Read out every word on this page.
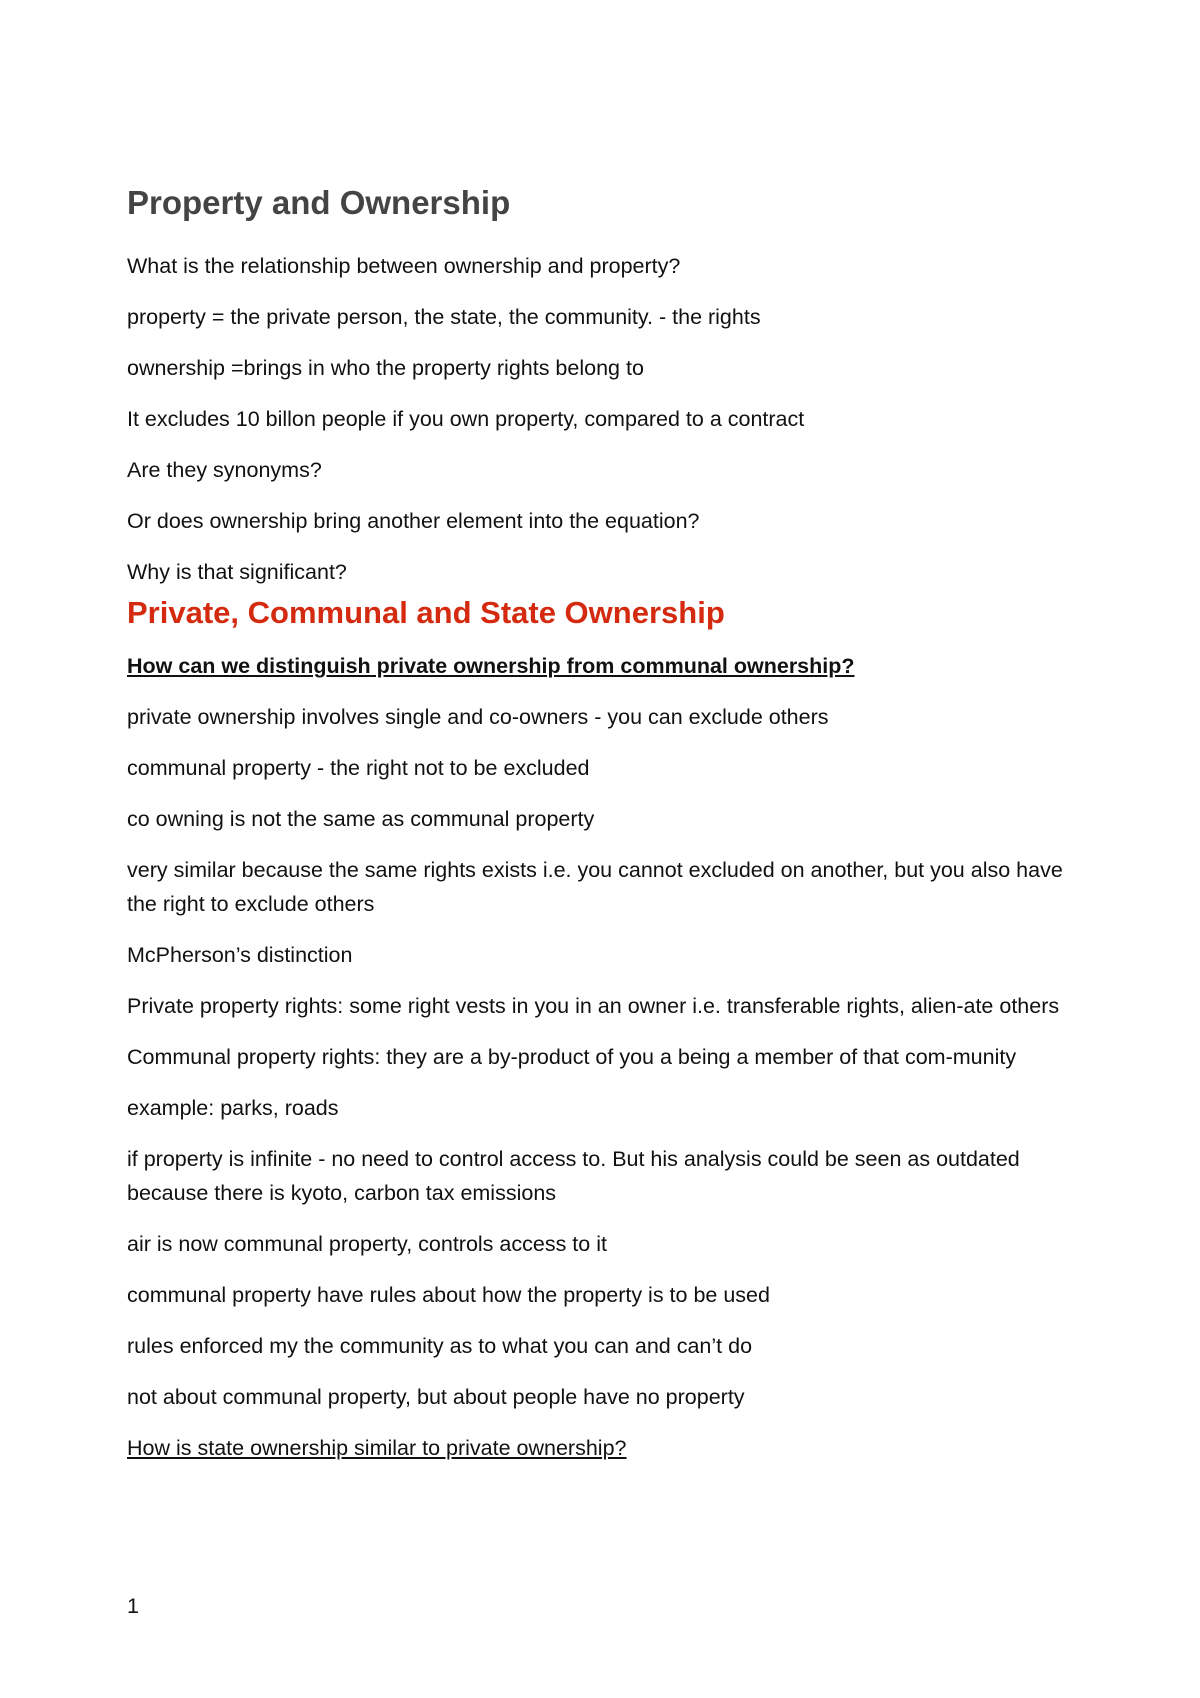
Property and Ownership
What is the relationship between ownership and property?
property = the private person, the state, the community. - the rights
ownership =brings in who the property rights belong to
It excludes 10 billon people if you own property, compared to a contract
Are they synonyms?
Or does ownership bring another element into the equation?
Why is that significant?
Private, Communal and State Ownership
How can we distinguish private ownership from communal ownership?
private ownership involves single and co-owners - you can exclude others
communal property - the right not to be excluded
co owning is not the same as communal property
very similar because the same rights exists i.e. you cannot excluded on another, but you also have the right to exclude others
McPherson’s distinction
Private property rights: some right vests in you in an owner i.e. transferable rights, alien-ate others
Communal property rights: they are a by-product of you a being a member of that com-munity
example: parks, roads
if property is infinite - no need to control access to. But his analysis could be seen as outdated because there is kyoto, carbon tax emissions
air is now communal property, controls access to it
communal property have rules about how the property is to be used
rules enforced my the community as to what you can and can’t do
not about communal property, but about people have no property
How is state ownership similar to private ownership?
1
